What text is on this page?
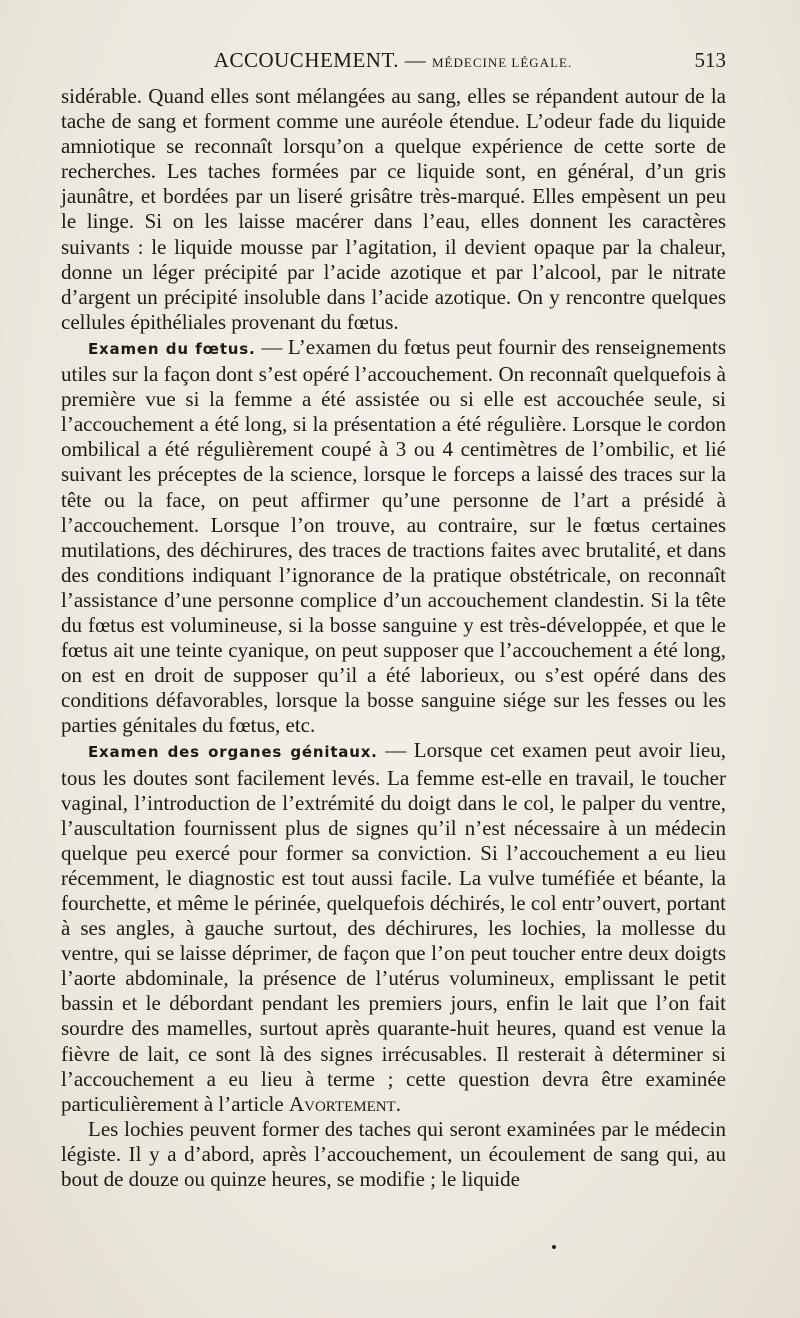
ACCOUCHEMENT. — MÉDECINE LÉGALE.	513

sidérable. Quand elles sont mélangées au sang, elles se répandent autour de la tache de sang et forment comme une auréole étendue. L’odeur fade du liquide amniotique se reconnaît lorsqu’on a quelque expérience de cette sorte de recherches. Les taches formées par ce liquide sont, en général, d’un gris jaunâtre, et bordées par un liseré grisâtre très-marqué. Elles empèsent un peu le linge. Si on les laisse macérer dans l’eau, elles donnent les caractères suivants : le liquide mousse par l’agitation, il devient opaque par la chaleur, donne un léger précipité par l’acide azotique et par l’alcool, par le nitrate d’argent un précipité insoluble dans l’acide azotique. On y rencontre quelques cellules épithéliales provenant du fœtus.

Examen du fœtus. — L’examen du fœtus peut fournir des renseignements utiles sur la façon dont s’est opéré l’accouchement. On reconnaît quelquefois à première vue si la femme a été assistée ou si elle est accouchée seule, si l’accouchement a été long, si la présentation a été régulière. Lorsque le cordon ombilical a été régulièrement coupé à 3 ou 4 centimètres de l’ombilic, et lié suivant les préceptes de la science, lorsque le forceps a laissé des traces sur la tête ou la face, on peut affirmer qu’une personne de l’art a présidé à l’accouchement. Lorsque l’on trouve, au contraire, sur le fœtus certaines mutilations, des déchirures, des traces de tractions faites avec brutalité, et dans des conditions indiquant l’ignorance de la pratique obstétricale, on reconnaît l’assistance d’une personne complice d’un accouchement clandestin. Si la tête du fœtus est volumineuse, si la bosse sanguine y est très-développée, et que le fœtus ait une teinte cyanique, on peut supposer que l’accouchement a été long, on est en droit de supposer qu’il a été laborieux, ou s’est opéré dans des conditions défavorables, lorsque la bosse sanguine siége sur les fesses ou les parties génitales du fœtus, etc.

Examen des organes génitaux. — Lorsque cet examen peut avoir lieu, tous les doutes sont facilement levés. La femme est-elle en travail, le toucher vaginal, l’introduction de l’extrémité du doigt dans le col, le palper du ventre, l’auscultation fournissent plus de signes qu’il n’est nécessaire à un médecin quelque peu exercé pour former sa conviction. Si l’accouchement a eu lieu récemment, le diagnostic est tout aussi facile. La vulve tuméfiée et béante, la fourchette, et même le périnée, quelquefois déchirés, le col entr’ouvert, portant à ses angles, à gauche surtout, des déchirures, les lochies, la mollesse du ventre, qui se laisse déprimer, de façon que l’on peut toucher entre deux doigts l’aorte abdominale, la présence de l’utérus volumineux, emplissant le petit bassin et le débordant pendant les premiers jours, enfin le lait que l’on fait sourdre des mamelles, surtout après quarante-huit heures, quand est venue la fièvre de lait, ce sont là des signes irrécusables. Il resterait à déterminer si l’accouchement a eu lieu à terme ; cette question devra être examinée particulièrement à l’article Avortement.

Les lochies peuvent former des taches qui seront examinées par le médecin légiste. Il y a d’abord, après l’accouchement, un écoulement de sang qui, au bout de douze ou quinze heures, se modifie ; le liquide
